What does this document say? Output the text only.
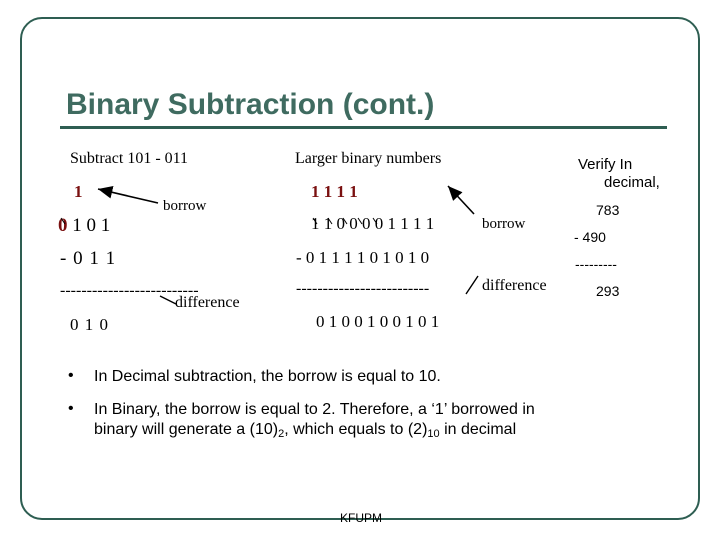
Binary Subtraction (cont.)
Subtract 101 - 011
1
borrow
0 1 0 1
- 0 1 1
--------------------------
difference
0 1 0
Larger binary numbers
1 1 1 1
1 1 0 0 0 0 1 1 1 1
- 0 1 1 1 1 0 1 0 1 0
-------------------------
0 1 0 0 1 0 0 1 0 1
borrow
difference
Verify In
decimal,
783
- 490
---------
293
• In Decimal subtraction, the borrow is equal to 10.
• In Binary, the borrow is equal to 2. Therefore, a ‘1’ borrowed in
binary will generate a $(10)_2$, which equals to $(2)_{10}$ in decimal
KFUPM
